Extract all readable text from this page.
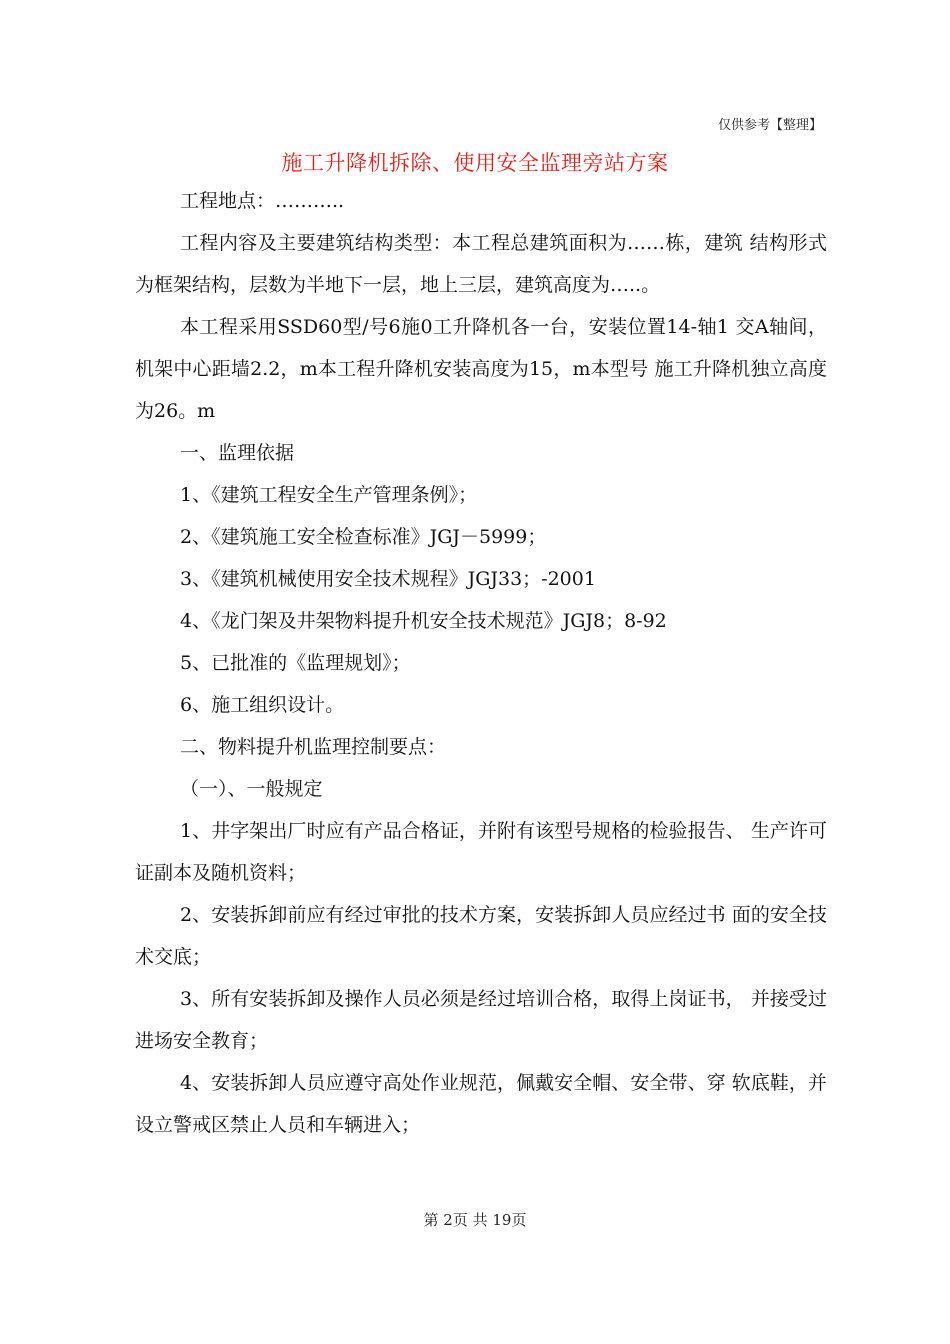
仅供参考【整理】
施工升降机拆除、使用安全监理旁站方案
工程地点：………..
工程内容及主要建筑结构类型：本工程总建筑面积为……栋，建筑 结构形式为框架结构，层数为半地下一层，地上三层，建筑高度为…..。
本工程采用SSD60型/号6施0工升降机各一台，安装位置14-轴1 交A轴间，机架中心距墙2.2，m本工程升降机安装高度为15，m本型号 施工升降机独立高度为26。m
一、监理依据
1、《建筑工程安全生产管理条例》；
2、《建筑施工安全检查标准》JGJ－5999；
3、《建筑机械使用安全技术规程》JGJ33；-2001
4、《龙门架及井架物料提升机安全技术规范》JGJ8；8-92
5、已批准的《监理规划》；
6、施工组织设计。
二、物料提升机监理控制要点：
（一）、一般规定
1、井字架出厂时应有产品合格证，并附有该型号规格的检验报告、 生产许可证副本及随机资料；
2、安装拆卸前应有经过审批的技术方案，安装拆卸人员应经过书 面的安全技术交底；
3、所有安装拆卸及操作人员必须是经过培训合格，取得上岗证书， 并接受过进场安全教育；
4、安装拆卸人员应遵守高处作业规范，佩戴安全帽、安全带、穿 软底鞋，并设立警戒区禁止人员和车辆进入；
第 2页 共 19页
